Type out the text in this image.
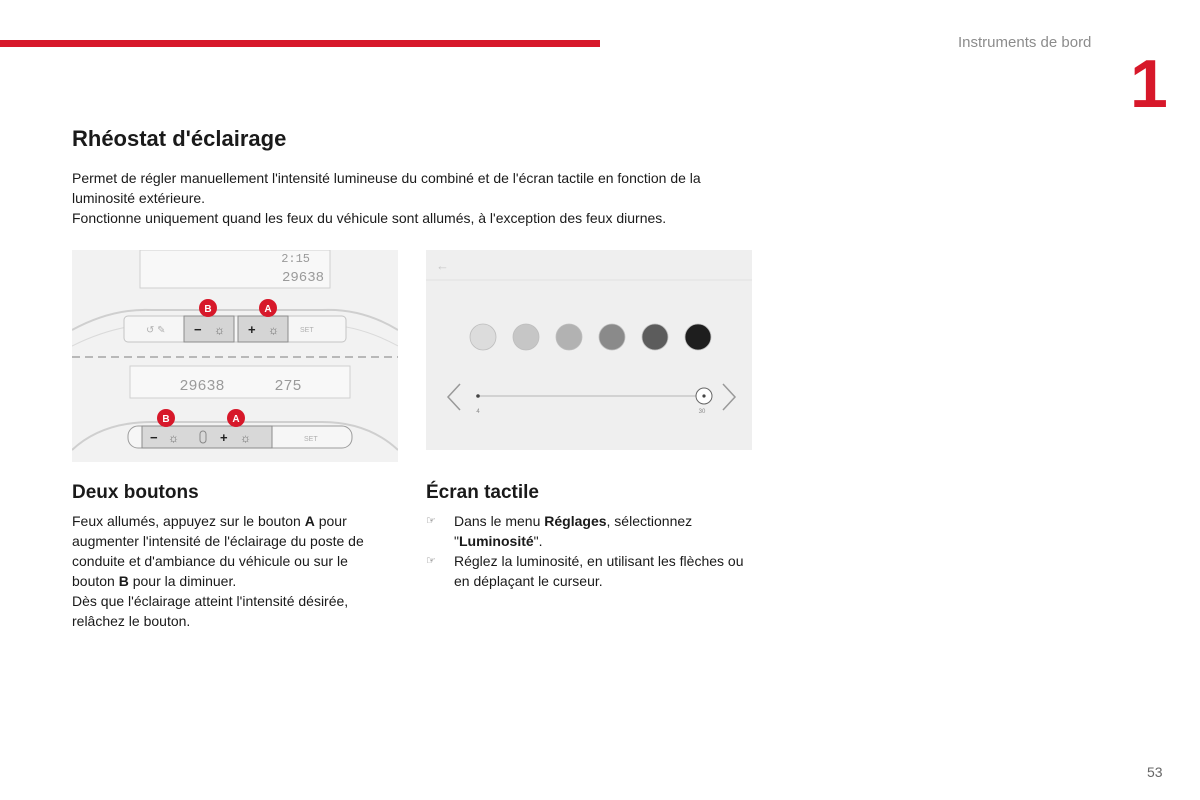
Instruments de bord
1
Rhéostat d'éclairage

Permet de régler manuellement l'intensité lumineuse du combiné et de l'écran tactile en fonction de la luminosité extérieure.

Fonctionne uniquement quand les feux du véhicule sont allumés, à l'exception des feux diurnes.

2:15
29638
↺ ✎ − ☼ + ☼	SET
B	A
29638	275
− ☼	+ ☼	SET
B	A
←
4	30
Deux boutons

Feux allumés, appuyez sur le bouton A pour augmenter l'intensité de l'éclairage du poste de conduite et d'ambiance du véhicule ou sur le bouton B pour la diminuer.

Dès que l'éclairage atteint l'intensité désirée, relâchez le bouton.

Écran tactile
☞ Dans le menu Réglages, sélectionnez "Luminosité".
☞ Réglez la luminosité, en utilisant les flèches ou en déplaçant le curseur.
53
